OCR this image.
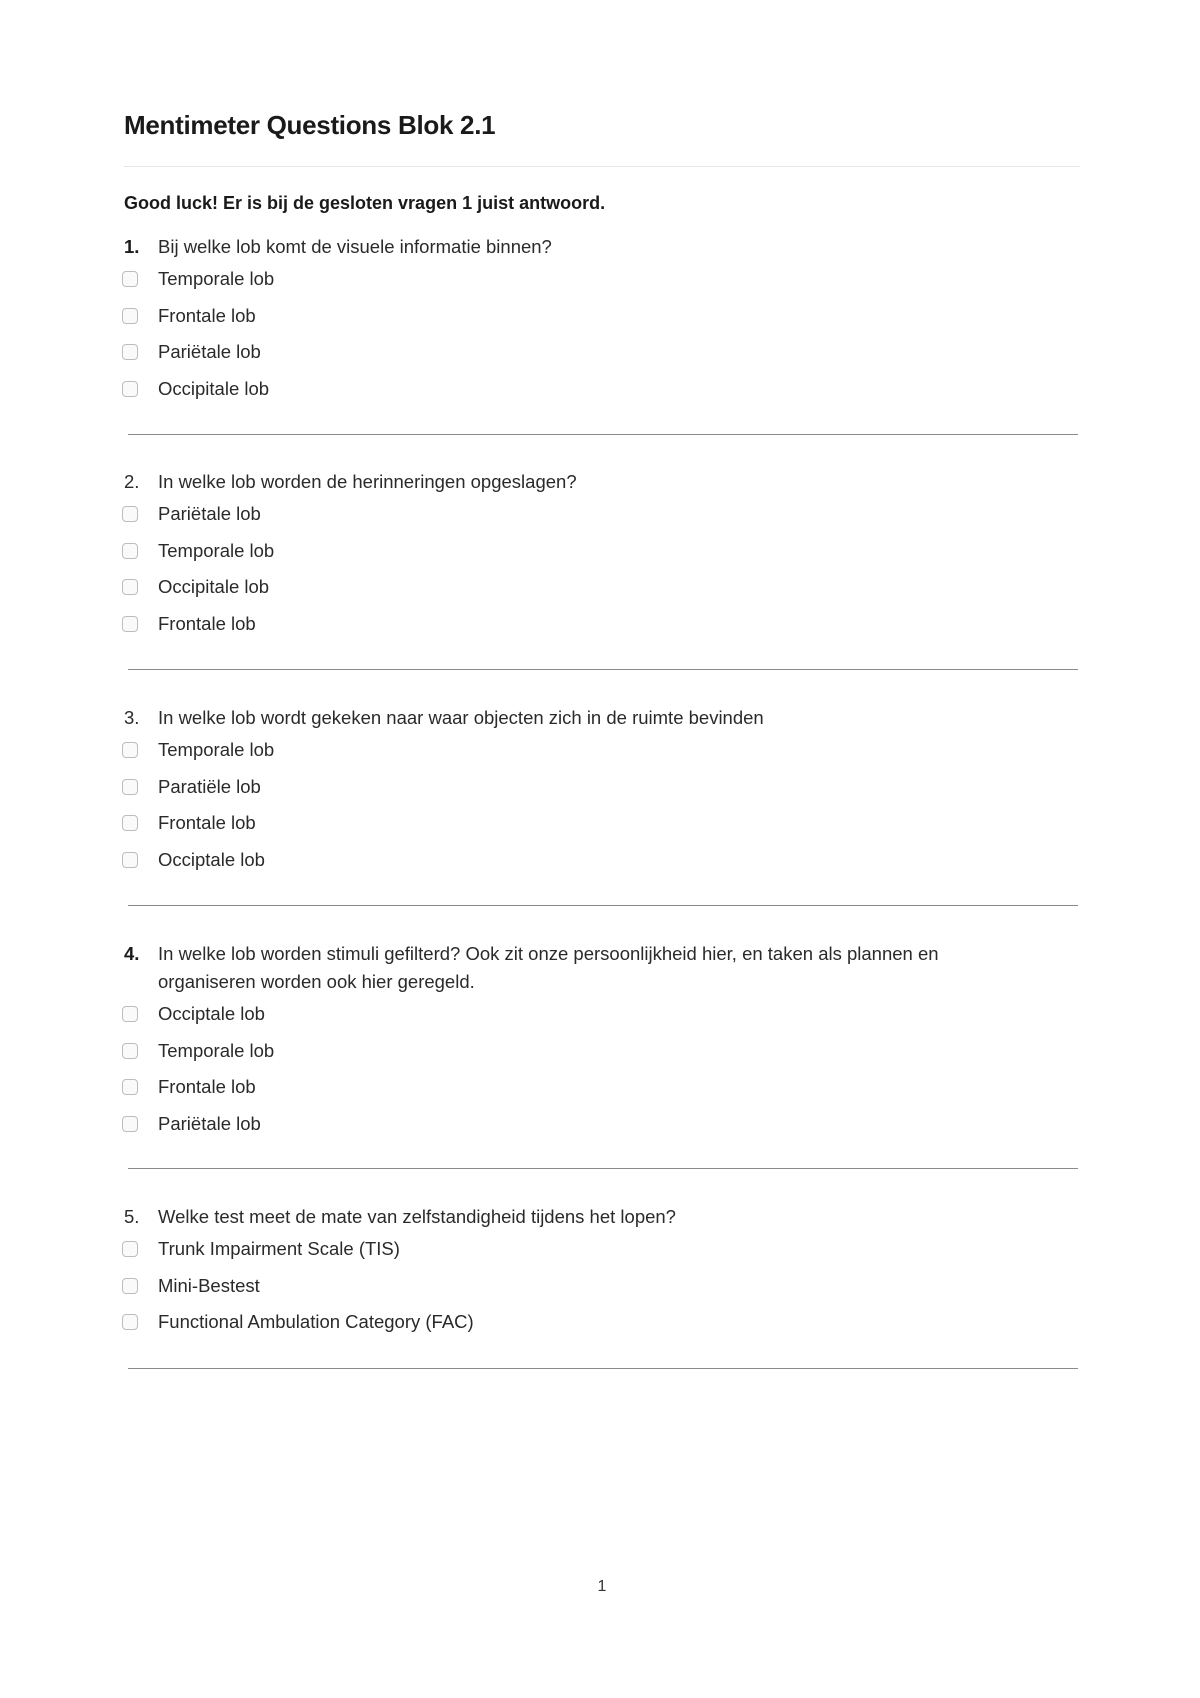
Mentimeter Questions Blok 2.1
Good luck! Er is bij de gesloten vragen 1 juist antwoord.
1.	Bij welke lob komt de visuele informatie binnen?
Temporale lob
Frontale lob
Pariëtale lob
Occipitale lob
2.	In welke lob worden de herinneringen opgeslagen?
Pariëtale lob
Temporale lob
Occipitale lob
Frontale lob
3.	In welke lob wordt gekeken naar waar objecten zich in de ruimte bevinden
Temporale lob
Paratiële lob
Frontale lob
Occiptale lob
4.	In welke lob worden stimuli gefilterd? Ook zit onze persoonlijkheid hier, en taken als plannen en organiseren worden ook hier geregeld.
Occiptale lob
Temporale lob
Frontale lob
Pariëtale lob
5.	Welke test meet de mate van zelfstandigheid tijdens het lopen?
Trunk Impairment Scale (TIS)
Mini-Bestest
Functional Ambulation Category (FAC)
1
